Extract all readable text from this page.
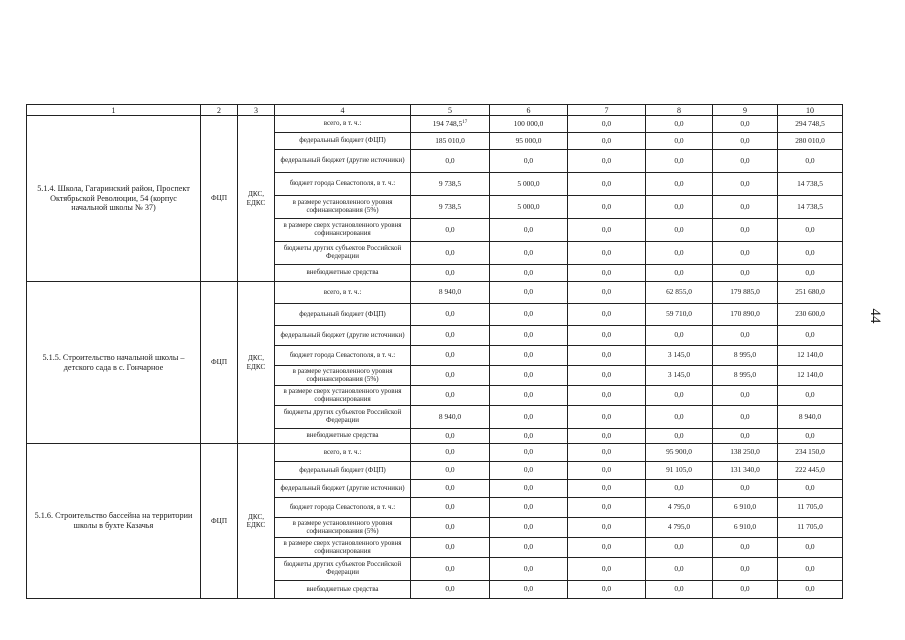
44
1	2	3	4	5	6	7	8	9	10
5.1.4. Школа, Гагаринский район, Проспект Октябрьской Революции, 54 (корпус начальной школы № 37)	ФЦП	ДКС, ЕДКС	всего, в т. ч.:	194 748,5$^{17}$	100 000,0	0,0	0,0	0,0	294 748,5
			федеральный бюджет (ФЦП)	185 010,0	95 000,0	0,0	0,0	0,0	280 010,0
			федеральный бюджет (другие источники)	0,0	0,0	0,0	0,0	0,0	0,0
			бюджет города Севастополя, в т. ч.:	9 738,5	5 000,0	0,0	0,0	0,0	14 738,5
			в размере установленного уровня софинансирования (5%)	9 738,5	5 000,0	0,0	0,0	0,0	14 738,5
			в размере сверх установленного уровня софинансирования	0,0	0,0	0,0	0,0	0,0	0,0
			бюджеты других субъектов Российской Федерации	0,0	0,0	0,0	0,0	0,0	0,0
			внебюджетные средства	0,0	0,0	0,0	0,0	0,0	0,0
5.1.5. Строительство начальной школы – детского сада в с. Гончарное	ФЦП	ДКС, ЕДКС	всего, в т. ч.:	8 940,0	0,0	0,0	62 855,0	179 885,0	251 680,0
			федеральный бюджет (ФЦП)	0,0	0,0	0,0	59 710,0	170 890,0	230 600,0
			федеральный бюджет (другие источники)	0,0	0,0	0,0	0,0	0,0	0,0
			бюджет города Севастополя, в т. ч.:	0,0	0,0	0,0	3 145,0	8 995,0	12 140,0
			в размере установленного уровня софинансирования (5%)	0,0	0,0	0,0	3 145,0	8 995,0	12 140,0
			в размере сверх установленного уровня софинансирования	0,0	0,0	0,0	0,0	0,0	0,0
			бюджеты других субъектов Российской Федерации	8 940,0	0,0	0,0	0,0	0,0	8 940,0
			внебюджетные средства	0,0	0,0	0,0	0,0	0,0	0,0
5.1.6. Строительство бассейна на территории школы в бухте Казачья	ФЦП	ДКС, ЕДКС	всего, в т. ч.:	0,0	0,0	0,0	95 900,0	138 250,0	234 150,0
			федеральный бюджет (ФЦП)	0,0	0,0	0,0	91 105,0	131 340,0	222 445,0
			федеральный бюджет (другие источники)	0,0	0,0	0,0	0,0	0,0	0,0
			бюджет города Севастополя, в т. ч.:	0,0	0,0	0,0	4 795,0	6 910,0	11 705,0
			в размере установленного уровня софинансирования (5%)	0,0	0,0	0,0	4 795,0	6 910,0	11 705,0
			в размере сверх установленного уровня софинансирования	0,0	0,0	0,0	0,0	0,0	0,0
			бюджеты других субъектов Российской Федерации	0,0	0,0	0,0	0,0	0,0	0,0
			внебюджетные средства	0,0	0,0	0,0	0,0	0,0	0,0
